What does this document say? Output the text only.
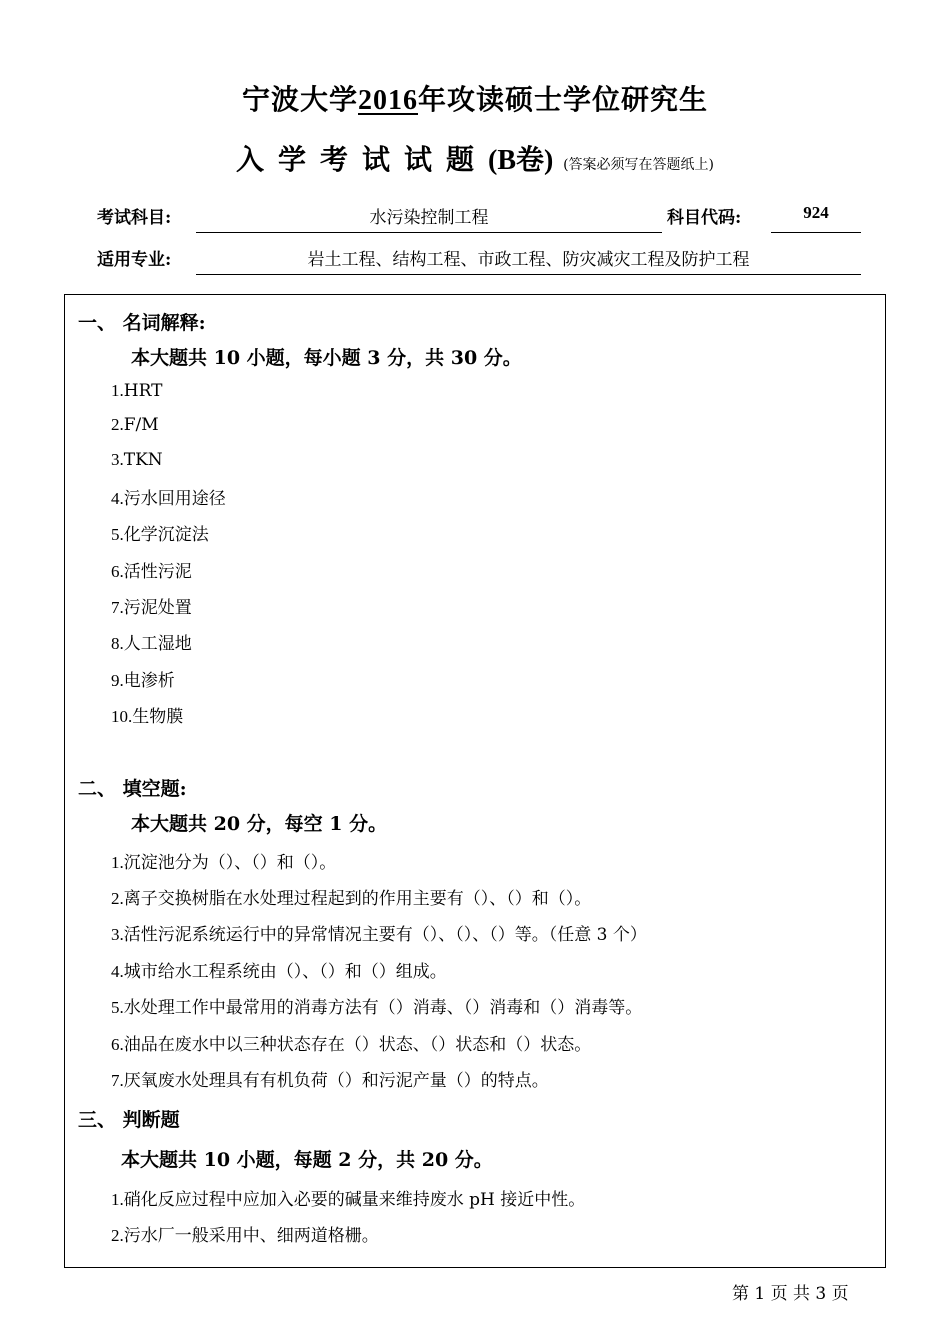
宁波大学2016年攻读硕士学位研究生
入学考试试题(B卷) (答案必须写在答题纸上)
考试科目:	水污染控制工程	科目代码:	924
适用专业:	岩土工程、结构工程、市政工程、防灾减灾工程及防护工程
一、 名词解释:
本大题共 10 小题，每小题 3 分，共 30 分。
1.HRT
2.F/M
3.TKN
4.污水回用途径
5.化学沉淀法
6.活性污泥
7.污泥处置
8.人工湿地
9.电渗析
10.生物膜
二、 填空题:
本大题共 20 分，每空 1 分。
1.沉淀池分为（）、（）和（）。
2.离子交换树脂在水处理过程起到的作用主要有（）、（）和（）。
3.活性污泥系统运行中的异常情况主要有（）、（）、（）等。（任意 3 个）
4.城市给水工程系统由（）、（）和（）组成。
5.水处理工作中最常用的消毒方法有（）消毒、（）消毒和（）消毒等。
6.油品在废水中以三种状态存在（）状态、（）状态和（）状态。
7.厌氧废水处理具有有机负荷（）和污泥产量（）的特点。
三、 判断题
本大题共 10 小题，每题 2 分，共 20 分。
1.硝化反应过程中应加入必要的碱量来维持废水 pH 接近中性。
2.污水厂一般采用中、细两道格栅。
第 1 页 共 3 页
